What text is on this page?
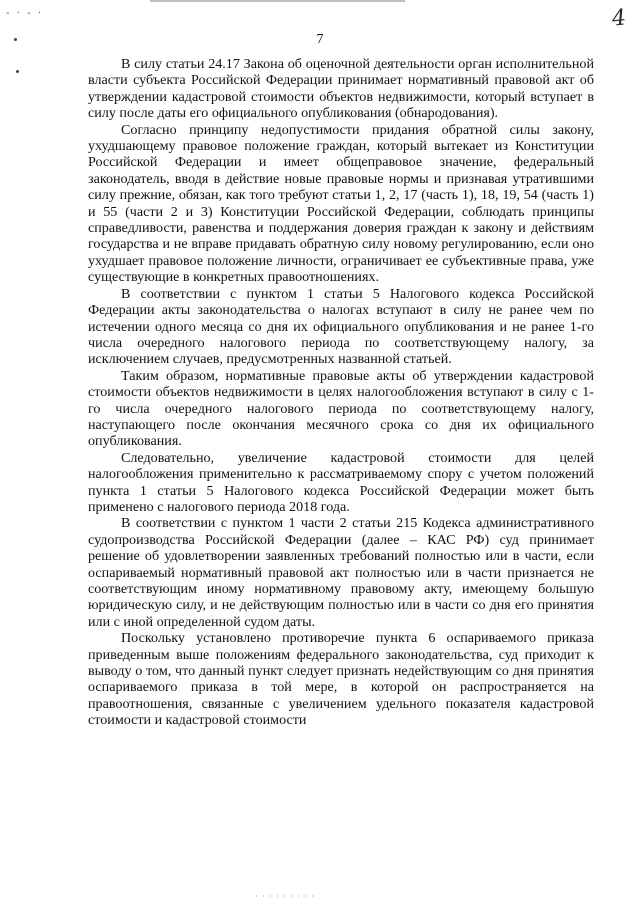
- · - ·	4
7

В силу статьи 24.17 Закона об оценочной деятельности орган исполнительной власти субъекта Российской Федерации принимает нормативный правовой акт об утверждении кадастровой стоимости объектов недвижимости, который вступает в силу после даты его официального опубликования (обнародования).

Согласно принципу недопустимости придания обратной силы закону, ухудшающему правовое положение граждан, который вытекает из Конституции Российской Федерации и имеет общеправовое значение, федеральный законодатель, вводя в действие новые правовые нормы и признавая утратившими силу прежние, обязан, как того требуют статьи 1, 2, 17 (часть 1), 18, 19, 54 (часть 1) и 55 (части 2 и 3) Конституции Российской Федерации, соблюдать принципы справедливости, равенства и поддержания доверия граждан к закону и действиям государства и не вправе придавать обратную силу новому регулированию, если оно ухудшает правовое положение личности, ограничивает ее субъективные права, уже существующие в конкретных правоотношениях.

В соответствии с пунктом 1 статьи 5 Налогового кодекса Российской Федерации акты законодательства о налогах вступают в силу не ранее чем по истечении одного месяца со дня их официального опубликования и не ранее 1-го числа очередного налогового периода по соответствующему налогу, за исключением случаев, предусмотренных названной статьей.

Таким образом, нормативные правовые акты об утверждении кадастровой стоимости объектов недвижимости в целях налогообложения вступают в силу с 1-го числа очередного налогового периода по соответствующему налогу, наступающего после окончания месячного срока со дня их официального опубликования.

Следовательно, увеличение кадастровой стоимости для целей налогообложения применительно к рассматриваемому спору с учетом положений пункта 1 статьи 5 Налогового кодекса Российской Федерации может быть применено с налогового периода 2018 года.

В соответствии с пунктом 1 части 2 статьи 215 Кодекса административного судопроизводства Российской Федерации (далее – КАС РФ) суд принимает решение об удовлетворении заявленных требований полностью или в части, если оспариваемый нормативный правовой акт полностью или в части признается не соответствующим иному нормативному правовому акту, имеющему большую юридическую силу, и не действующим полностью или в части со дня его принятия или с иной определенной судом даты.

Поскольку установлено противоречие пункта 6 оспариваемого приказа приведенным выше положениям федерального законодательства, суд приходит к выводу о том, что данный пункт следует признать недействующим со дня принятия оспариваемого приказа в той мере, в которой он распространяется на правоотношения, связанные с увеличением удельного показателя кадастровой стоимости и кадастровой стоимости

· · · · · · · · ·
